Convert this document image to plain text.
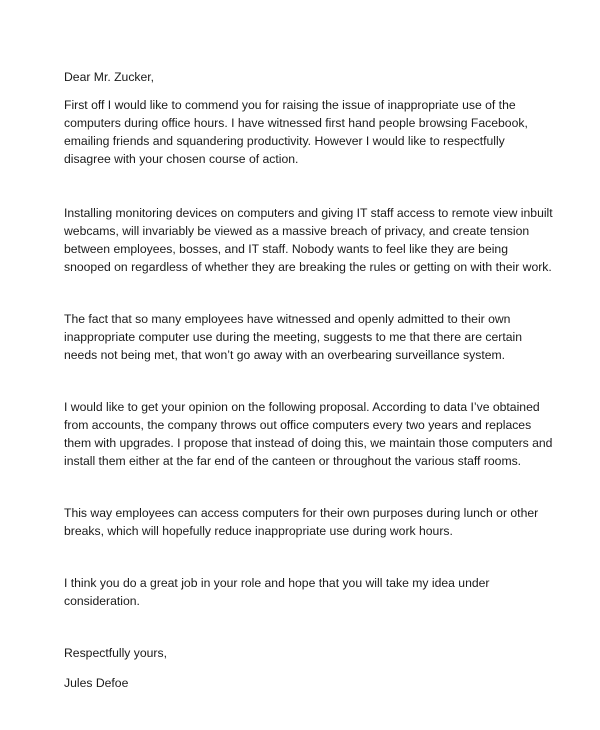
Dear Mr. Zucker,

First off I would like to commend you for raising the issue of inappropriate use of the computers during office hours. I have witnessed first hand people browsing Facebook, emailing friends and squandering productivity. However I would like to respectfully disagree with your chosen course of action.

Installing monitoring devices on computers and giving IT staff access to remote view inbuilt webcams, will invariably be viewed as a massive breach of privacy, and create tension between employees, bosses, and IT staff. Nobody wants to feel like they are being snooped on regardless of whether they are breaking the rules or getting on with their work.

The fact that so many employees have witnessed and openly admitted to their own inappropriate computer use during the meeting, suggests to me that there are certain needs not being met, that won’t go away with an overbearing surveillance system.

I would like to get your opinion on the following proposal. According to data I’ve obtained from accounts, the company throws out office computers every two years and replaces them with upgrades. I propose that instead of doing this, we maintain those computers and install them either at the far end of the canteen or throughout the various staff rooms.

This way employees can access computers for their own purposes during lunch or other breaks, which will hopefully reduce inappropriate use during work hours.

I think you do a great job in your role and hope that you will take my idea under consideration.

Respectfully yours,

Jules Defoe
